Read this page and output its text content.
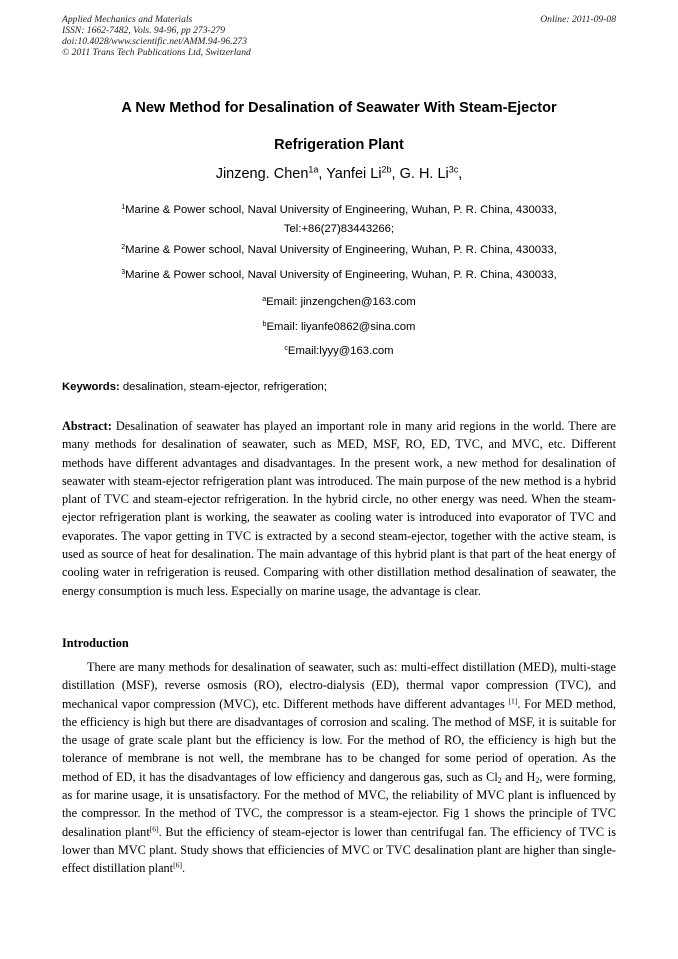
Applied Mechanics and Materials
ISSN: 1662-7482, Vols. 94-96, pp 273-279
doi:10.4028/www.scientific.net/AMM.94-96.273
© 2011 Trans Tech Publications Ltd, Switzerland
Online: 2011-09-08
A New Method for Desalination of Seawater With Steam-Ejector
Refrigeration Plant
Jinzeng. Chen$^{1a}$, Yanfei $Li^{2b}$, G. H. $Li^{3c}$,
$^1$Marine & Power school, Naval University of Engineering, Wuhan, P. R. China, 430033,
Tel:+86(27)83443266;
$^2$Marine & Power school, Naval University of Engineering, Wuhan, P. R. China, 430033,
$^3$Marine & Power school, Naval University of Engineering, Wuhan, P. R. China, 430033,
$^a$Email: jinzengchen@163.com
$^b$Email: liyanfe0862@sina.com
$^c$Email:lyyy@163.com
Keywords: desalination, steam-ejector, refrigeration;
Abstract: Desalination of seawater has played an important role in many arid regions in the world. There are many methods for desalination of seawater, such as MED, MSF, RO, ED, TVC, and MVC, etc. Different methods have different advantages and disadvantages. In the present work, a new method for desalination of seawater with steam-ejector refrigeration plant was introduced. The main purpose of the new method is a hybrid plant of TVC and steam-ejector refrigeration. In the hybrid circle, no other energy was need. When the steam-ejector refrigeration plant is working, the seawater as cooling water is introduced into evaporator of TVC and evaporates. The vapor getting in TVC is extracted by a second steam-ejector, together with the active steam, is used as source of heat for desalination. The main advantage of this hybrid plant is that part of the heat energy of cooling water in refrigeration is reused. Comparing with other distillation method desalination of seawater, the energy consumption is much less. Especially on marine usage, the advantage is clear.
Introduction

There are many methods for desalination of seawater, such as: multi-effect distillation (MED), multi-stage distillation (MSF), reverse osmosis (RO), electro-dialysis (ED), thermal vapor compression (TVC), and mechanical vapor compression (MVC), etc. Different methods have different advantages [1]. For MED method, the efficiency is high but there are disadvantages of corrosion and scaling. The method of MSF, it is suitable for the usage of grate scale plant but the efficiency is low. For the method of RO, the efficiency is high but the tolerance of membrane is not well, the membrane has to be changed for some period of operation. As the method of ED, it has the disadvantages of low efficiency and dangerous gas, such as $Cl_2$ and $H_2$, were forming, as for marine usage, it is unsatisfactory. For the method of MVC, the reliability of MVC plant is influenced by the compressor. In the method of TVC, the compressor is a steam-ejector. Fig 1 shows the principle of TVC desalination plant[6]. But the efficiency of steam-ejector is lower than centrifugal fan. The efficiency of TVC is lower than MVC plant. Study shows that efficiencies of MVC or TVC desalination plant are higher than single-effect distillation plant[6].
